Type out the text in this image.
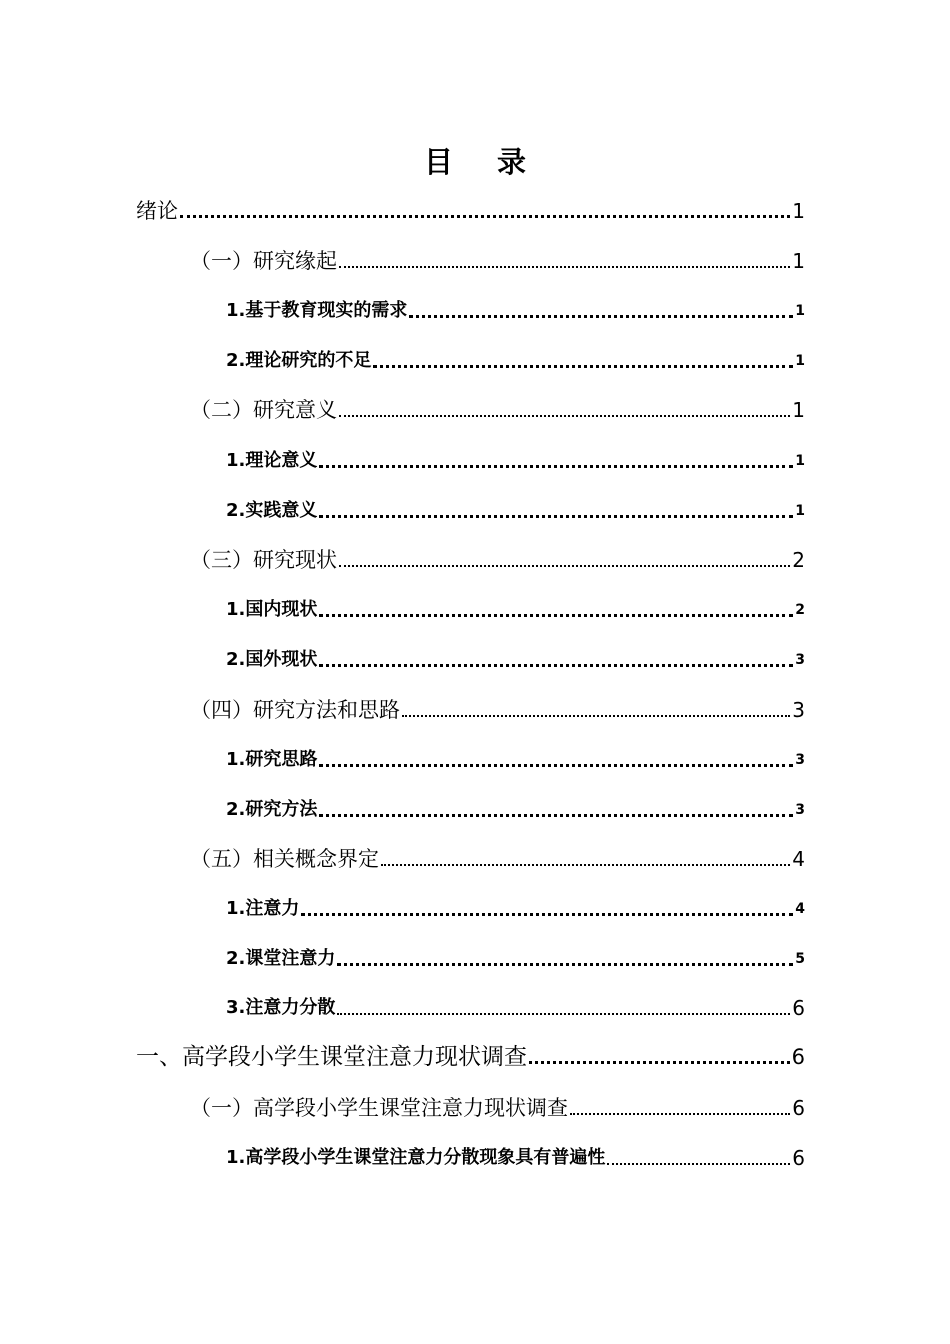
目录
绪论	1
（一）研究缘起	1
1.基于教育现实的需求	1
2.理论研究的不足	1
（二）研究意义	1
1.理论意义	1
2.实践意义	1
（三）研究现状	2
1.国内现状	2
2.国外现状	3
（四）研究方法和思路	3
1.研究思路	3
2.研究方法	3
（五）相关概念界定	4
1.注意力	4
2.课堂注意力	5
3.注意力分散	6
一、高学段小学生课堂注意力现状调查	6
（一）高学段小学生课堂注意力现状调查	6
1.高学段小学生课堂注意力分散现象具有普遍性	6
